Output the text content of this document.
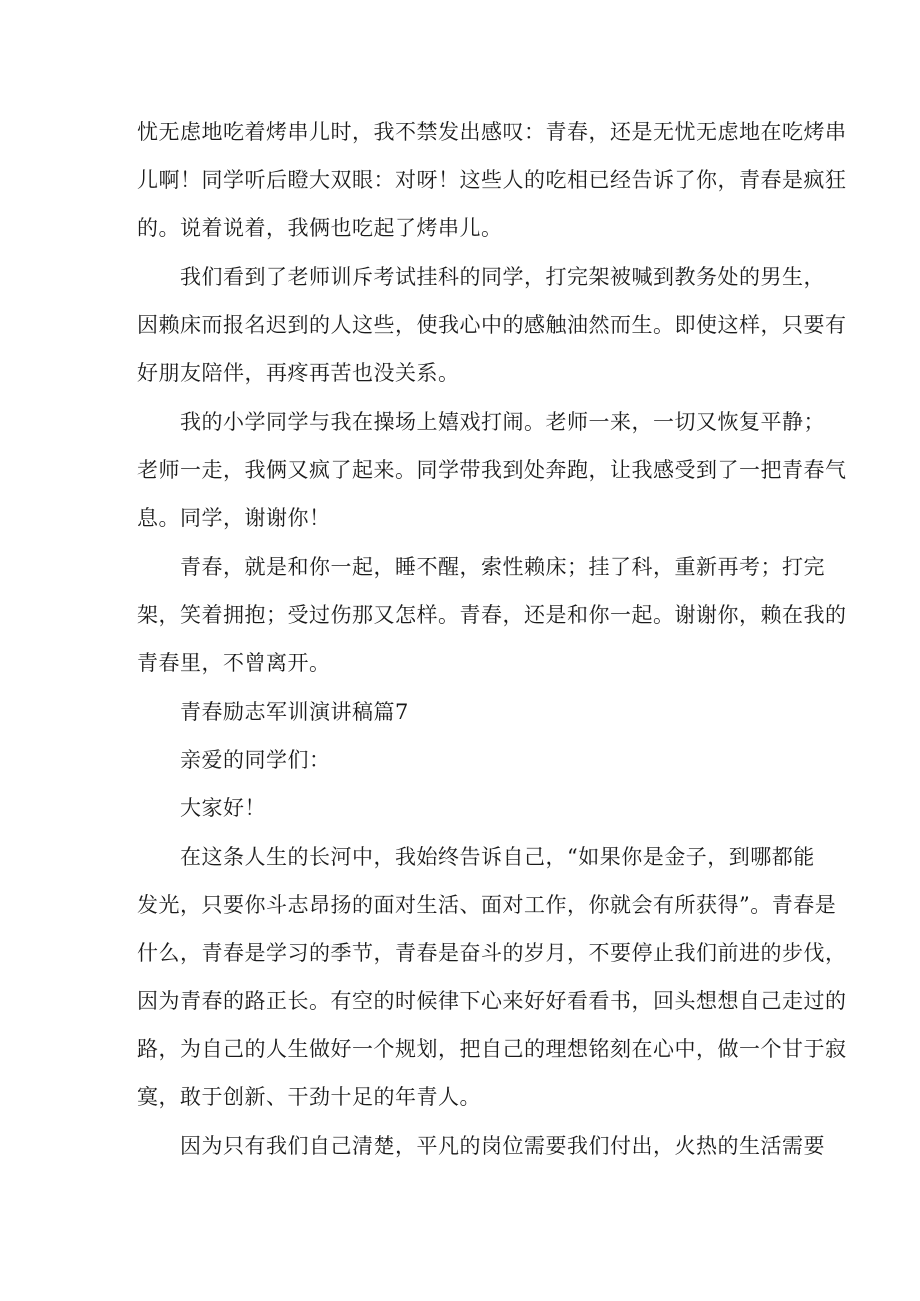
忧无虑地吃着烤串儿时，我不禁发出感叹：青春，还是无忧无虑地在吃烤串
儿啊！同学听后瞪大双眼：对呀！这些人的吃相已经告诉了你，青春是疯狂
的。说着说着，我俩也吃起了烤串儿。
我们看到了老师训斥考试挂科的同学，打完架被喊到教务处的男生，
因赖床而报名迟到的人这些，使我心中的感触油然而生。即使这样，只要有
好朋友陪伴，再疼再苦也没关系。
我的小学同学与我在操场上嬉戏打闹。老师一来，一切又恢复平静；
老师一走，我俩又疯了起来。同学带我到处奔跑，让我感受到了一把青春气
息。同学，谢谢你！
青春，就是和你一起，睡不醒，索性赖床；挂了科，重新再考；打完
架，笑着拥抱；受过伤那又怎样。青春，还是和你一起。谢谢你，赖在我的
青春里，不曾离开。
青春励志军训演讲稿篇7
亲爱的同学们：
大家好！
在这条人生的长河中，我始终告诉自己，“如果你是金子，到哪都能
发光，只要你斗志昂扬的面对生活、面对工作，你就会有所获得”。青春是
什么，青春是学习的季节，青春是奋斗的岁月，不要停止我们前进的步伐，
因为青春的路正长。有空的时候律下心来好好看看书，回头想想自己走过的
路，为自己的人生做好一个规划，把自己的理想铭刻在心中，做一个甘于寂
寞，敢于创新、干劲十足的年青人。
因为只有我们自己清楚，平凡的岗位需要我们付出，火热的生活需要
